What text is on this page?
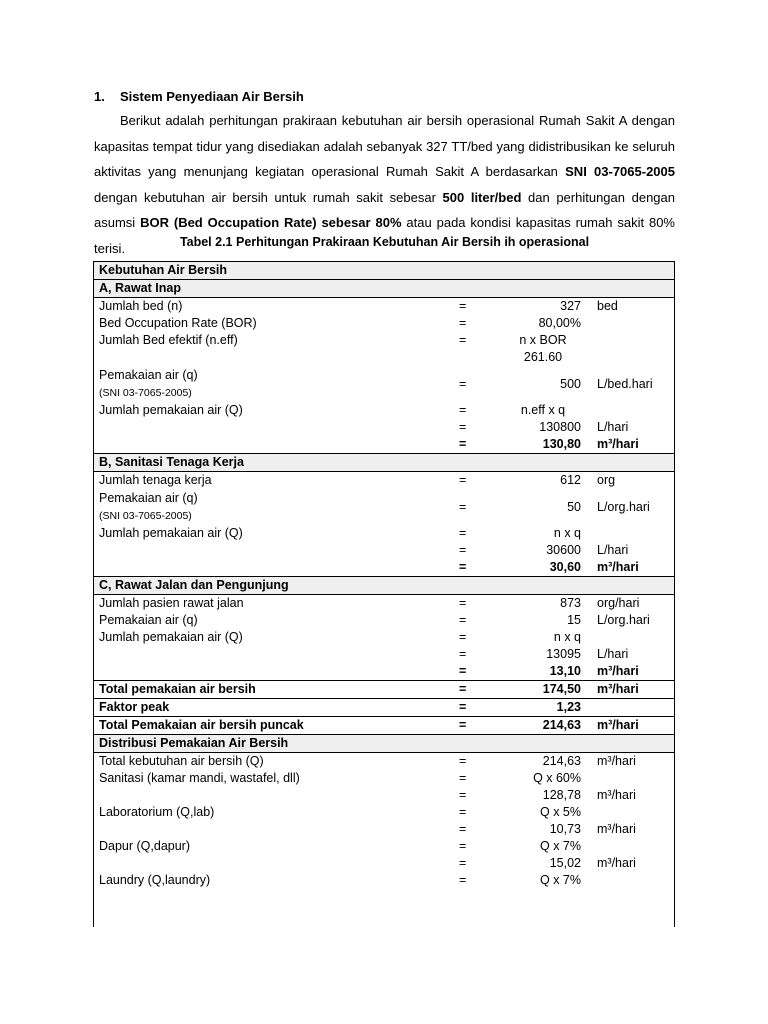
1. Sistem Penyediaan Air Bersih
Berikut adalah perhitungan prakiraan kebutuhan air bersih operasional Rumah Sakit A dengan kapasitas tempat tidur yang disediakan adalah sebanyak 327 TT/bed yang didistribusikan ke seluruh aktivitas yang menunjang kegiatan operasional Rumah Sakit A berdasarkan SNI 03-7065-2005 dengan kebutuhan air bersih untuk rumah sakit sebesar 500 liter/bed dan perhitungan dengan asumsi BOR (Bed Occupation Rate) sebesar 80% atau pada kondisi kapasitas rumah sakit 80% terisi.	Tabel 2.1 Perhitungan Prakiraan Kebutuhan Air Bersih ih operasional
Kebutuhan Air Bersih			
A, Rawat Inap			
Jumlah bed (n)	=	327	bed
Bed Occupation Rate (BOR)	=	80,00%	
Jumlah Bed efektif (n.eff)	=	n x BOR	
		261.60	
Pemakaian air (q)
(SNI 03-7065-2005)	=	500	L/bed.hari
Jumlah pemakaian air (Q)	=	n.eff x q	
	=	130800	L/hari
	=	130,80	m³/hari
B, Sanitasi Tenaga Kerja			
Jumlah tenaga kerja	=	612	org
Pemakaian air (q)
(SNI 03-7065-2005)	=	50	L/org.hari
Jumlah pemakaian air (Q)	=	n x q	
	=	30600	L/hari
	=	30,60	m³/hari
C, Rawat Jalan dan Pengunjung			
Jumlah pasien rawat jalan	=	873	org/hari
Pemakaian air (q)	=	15	L/org.hari
Jumlah pemakaian air (Q)	=	n x q	
	=	13095	L/hari
	=	13,10	m³/hari
Total pemakaian air bersih	=	174,50	m³/hari
Faktor peak	=	1,23	
Total Pemakaian air bersih puncak	=	214,63	m³/hari
Distribusi Pemakaian Air Bersih			
Total kebutuhan air bersih (Q)	=	214,63	m³/hari
Sanitasi (kamar mandi, wastafel, dll)	=	Q x 60%	
	=	128,78	m³/hari
Laboratorium (Q,lab)	=	Q x 5%	
	=	10,73	m³/hari
Dapur (Q,dapur)	=	Q x 7%	
	=	15,02	m³/hari
Laundry (Q,laundry)	=	Q x 7%	
